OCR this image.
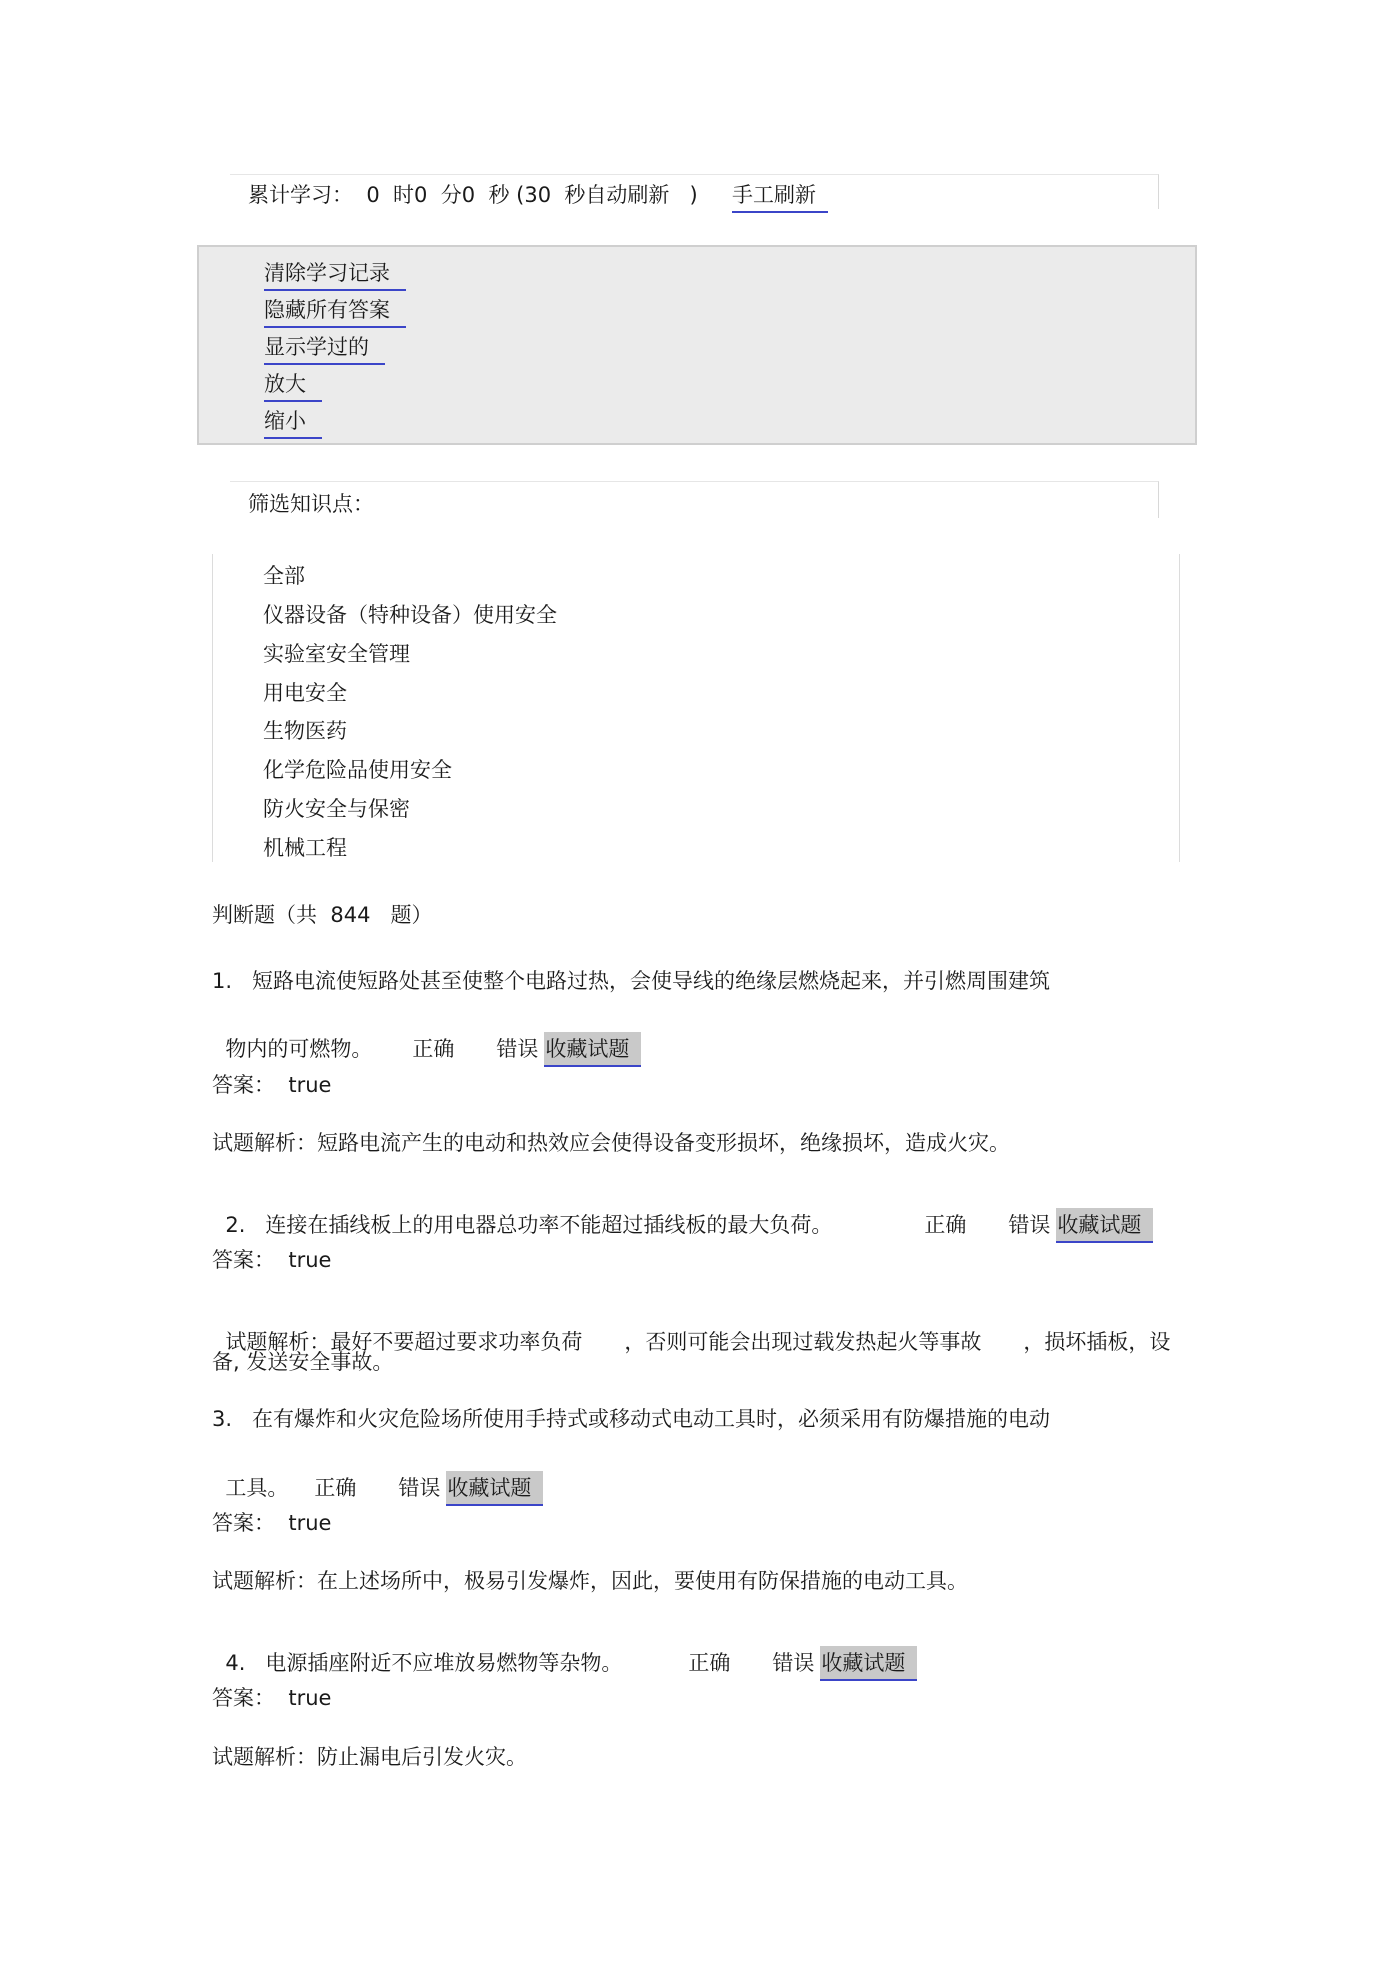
累计学习：  0  时0  分0  秒 (30  秒自动刷新   ) 手工刷新
清除学习记录
隐藏所有答案
显示学过的
放大
缩小
筛选知识点：
全部
仪器设备（特种设备）使用安全
实验室安全管理
用电安全
生物医药
化学危险品使用安全
防火安全与保密
机械工程
判断题（共  844   题）
1.   短路电流使短路处甚至使整个电路过热，会使导线的绝缘层燃烧起来，并引燃周围建筑

物内的可燃物。 正确 错误 收藏试题

答案：  true
试题解析：短路电流产生的电动和热效应会使得设备变形损坏，绝缘损坏，造成火灾。

2.   连接在插线板上的用电器总功率不能超过插线板的最大负荷。	正确 错误 收藏试题

答案：  true

试题解析：最好不要超过要求功率负荷 ，否则可能会出现过载发热起火等事故 ，损坏插板，设

备, 发送安全事故。
3.   在有爆炸和火灾危险场所使用手持式或移动式电动工具时，必须采用有防爆措施的电动

工具。 正确 错误 收藏试题

答案：  true
试题解析：在上述场所中，极易引发爆炸，因此，要使用有防保措施的电动工具。

4.   电源插座附近不应堆放易燃物等杂物。	正确 错误 收藏试题

答案：  true
试题解析：防止漏电后引发火灾。
